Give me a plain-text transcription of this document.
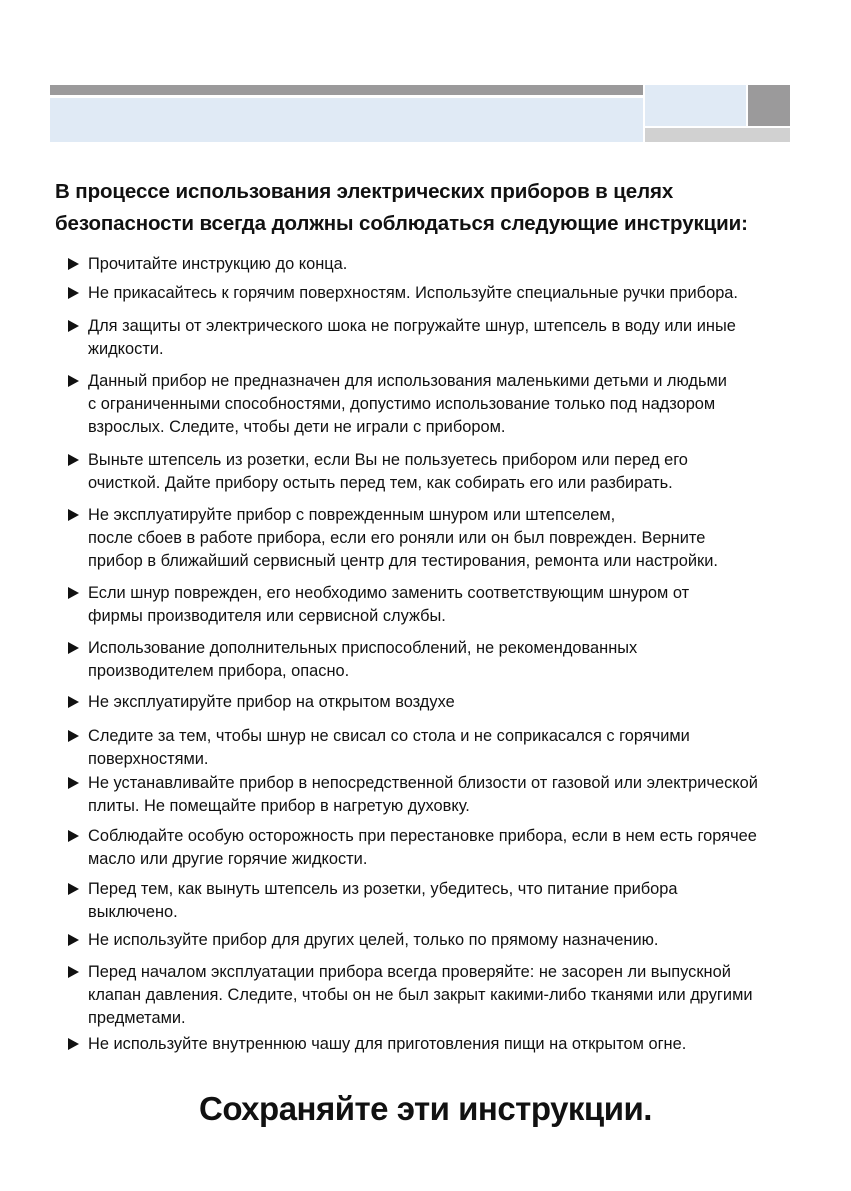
В процессе использования электрических приборов в целях
безопасности всегда должны соблюдаться следующие инструкции:
Прочитайте инструкцию до конца.
Не прикасайтесь к горячим поверхностям. Используйте специальные ручки прибора.
Для защиты от электрического шока не погружайте шнур, штепсель в воду или иные
жидкости.
Данный прибор не предназначен для использования маленькими детьми и людьми
с ограниченными способностями, допустимо использование только под надзором
взрослых. Следите, чтобы дети не играли с прибором.
Выньте штепсель из розетки, если Вы не пользуетесь прибором или перед его
очисткой. Дайте прибору остыть перед тем, как собирать его или разбирать.
Не эксплуатируйте прибор с поврежденным шнуром или штепселем,
после сбоев в работе прибора, если его роняли или он был поврежден. Верните
прибор в ближайший сервисный центр для тестирования, ремонта или настройки.
Если шнур поврежден, его необходимо заменить соответствующим шнуром от
фирмы производителя или сервисной службы.
Использование дополнительных приспособлений, не рекомендованных
производителем прибора, опасно.
Не эксплуатируйте прибор на открытом воздухе
Следите за тем, чтобы шнур не свисал со стола и не соприкасался с горячими
поверхностями.
Не устанавливайте прибор в непосредственной близости от газовой или электрической
плиты. Не помещайте прибор в нагретую духовку.
Соблюдайте особую осторожность при перестановке прибора, если в нем есть горячее
масло или другие горячие жидкости.
Перед тем, как вынуть штепсель из розетки, убедитесь, что питание прибора
выключено.
Не используйте прибор для других целей, только по прямому назначению.
Перед началом эксплуатации прибора всегда проверяйте: не засорен ли выпускной
клапан давления. Следите, чтобы он не был закрыт какими-либо тканями или другими
предметами.
Не используйте внутреннюю чашу для приготовления пищи на открытом огне.
Сохраняйте эти инструкции.
